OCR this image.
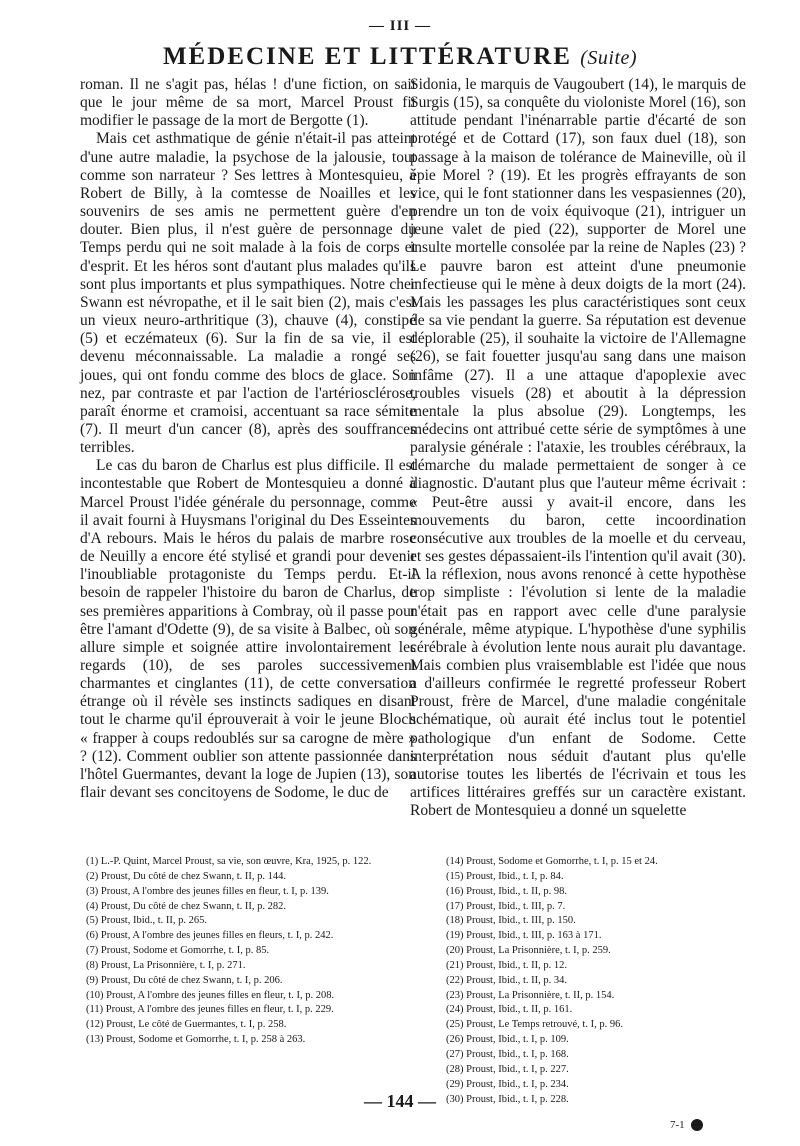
— III —
MÉDECINE ET LITTÉRATURE (Suite)

roman. Il ne s'agit pas, hélas ! d'une fiction, on sait que le jour même de sa mort, Marcel Proust fit modifier le passage de la mort de Bergotte (1).

Mais cet asthmatique de génie n'était-il pas atteint d'une autre maladie, la psychose de la jalousie, tout comme son narrateur ? Ses lettres à Montesquieu, à Robert de Billy, à la comtesse de Noailles et les souvenirs de ses amis ne permettent guère d'en douter. Bien plus, il n'est guère de personnage du Temps perdu qui ne soit malade à la fois de corps et d'esprit. Et les héros sont d'autant plus malades qu'ils sont plus importants et plus sympathiques. Notre cher Swann est névropathe, et il le sait bien (2), mais c'est un vieux neuro-arthritique (3), chauve (4), constipé (5) et eczémateux (6). Sur la fin de sa vie, il est devenu méconnaissable. La maladie a rongé ses joues, qui ont fondu comme des blocs de glace. Son nez, par contraste et par l'action de l'artériosclérose, paraît énorme et cramoisi, accentuant sa race sémite (7). Il meurt d'un cancer (8), après des souffrances terribles.

Le cas du baron de Charlus est plus difficile. Il est incontestable que Robert de Montesquieu a donné à Marcel Proust l'idée générale du personnage, comme il avait fourni à Huysmans l'original du Des Esseintes d'A rebours. Mais le héros du palais de marbre rose de Neuilly a encore été stylisé et grandi pour devenir l'inoubliable protagoniste du Temps perdu. Et-il besoin de rappeler l'histoire du baron de Charlus, de ses premières apparitions à Combray, où il passe pour être l'amant d'Odette (9), de sa visite à Balbec, où son allure simple et soignée attire involontairement les regards (10), de ses paroles successivement charmantes et cinglantes (11), de cette conversation étrange où il révèle ses instincts sadiques en disant tout le charme qu'il éprouverait à voir le jeune Bloch « frapper à coups redoublés sur sa carogne de mère » ? (12). Comment oublier son attente passionnée dans l'hôtel Guermantes, devant la loge de Jupien (13), son flair devant ses concitoyens de Sodome, le duc de

Sidonia, le marquis de Vaugoubert (14), le marquis de Surgis (15), sa conquête du violoniste Morel (16), son attitude pendant l'inénarrable partie d'écarté de son protégé et de Cottard (17), son faux duel (18), son passage à la maison de tolérance de Maineville, où il épie Morel ? (19). Et les progrès effrayants de son vice, qui le font stationner dans les vespasiennes (20), prendre un ton de voix équivoque (21), intriguer un jeune valet de pied (22), supporter de Morel une insulte mortelle consolée par la reine de Naples (23) ? Le pauvre baron est atteint d'une pneumonie infectieuse qui le mène à deux doigts de la mort (24). Mais les passages les plus caractéristiques sont ceux de sa vie pendant la guerre. Sa réputation est devenue déplorable (25), il souhaite la victoire de l'Allemagne (26), se fait fouetter jusqu'au sang dans une maison infâme (27). Il a une attaque d'apoplexie avec troubles visuels (28) et aboutit à la dépression mentale la plus absolue (29). Longtemps, les médecins ont attribué cette série de symptômes à une paralysie générale : l'ataxie, les troubles cérébraux, la démarche du malade permettaient de songer à ce diagnostic. D'autant plus que l'auteur même écrivait : « Peut-être aussi y avait-il encore, dans les mouvements du baron, cette incoordination consécutive aux troubles de la moelle et du cerveau, et ses gestes dépassaient-ils l'intention qu'il avait (30). A la réflexion, nous avons renoncé à cette hypothèse trop simpliste : l'évolution si lente de la maladie n'était pas en rapport avec celle d'une paralysie générale, même atypique. L'hypothèse d'une syphilis cérébrale à évolution lente nous aurait plu davantage. Mais combien plus vraisemblable est l'idée que nous a d'ailleurs confirmée le regretté professeur Robert Proust, frère de Marcel, d'une maladie congénitale schématique, où aurait été inclus tout le potentiel pathologique d'un enfant de Sodome. Cette interprétation nous séduit d'autant plus qu'elle autorise toutes les libertés de l'écrivain et tous les artifices littéraires greffés sur un caractère existant. Robert de Montesquieu a donné un squelette

(1) L.-P. Quint, Marcel Proust, sa vie, son œuvre, Kra, 1925, p. 122.
(2) Proust, Du côté de chez Swann, t. II, p. 144.
(3) Proust, A l'ombre des jeunes filles en fleur, t. I, p. 139.
(4) Proust, Du côté de chez Swann, t. II, p. 282.
(5) Proust, Ibid., t. II, p. 265.
(6) Proust, A l'ombre des jeunes filles en fleurs, t. I, p. 242.
(7) Proust, Sodome et Gomorrhe, t. I, p. 85.
(8) Proust, La Prisonnière, t. I, p. 271.
(9) Proust, Du côté de chez Swann, t. I, p. 206.
(10) Proust, A l'ombre des jeunes filles en fleur, t. I, p. 208.
(11) Proust, A l'ombre des jeunes filles en fleur, t. I, p. 229.
(12) Proust, Le côté de Guermantes, t. I, p. 258.
(13) Proust, Sodome et Gomorrhe, t. I, p. 258 à 263.
(14) Proust, Sodome et Gomorrhe, t. I, p. 15 et 24.
(15) Proust, Ibid., t. I, p. 84.
(16) Proust, Ibid., t. II, p. 98.
(17) Proust, Ibid., t. III, p. 7.
(18) Proust, Ibid., t. III, p. 150.
(19) Proust, Ibid., t. III, p. 163 à 171.
(20) Proust, La Prisonnière, t. I, p. 259.
(21) Proust, Ibid., t. II, p. 12.
(22) Proust, Ibid., t. II, p. 34.
(23) Proust, La Prisonnière, t. II, p. 154.
(24) Proust, Ibid., t. II, p. 161.
(25) Proust, Le Temps retrouvé, t. I, p. 96.
(26) Proust, Ibid., t. I, p. 109.
(27) Proust, Ibid., t. I, p. 168.
(28) Proust, Ibid., t. I, p. 227.
(29) Proust, Ibid., t. I, p. 234.
(30) Proust, Ibid., t. I, p. 228.
— 144 —
7-1
